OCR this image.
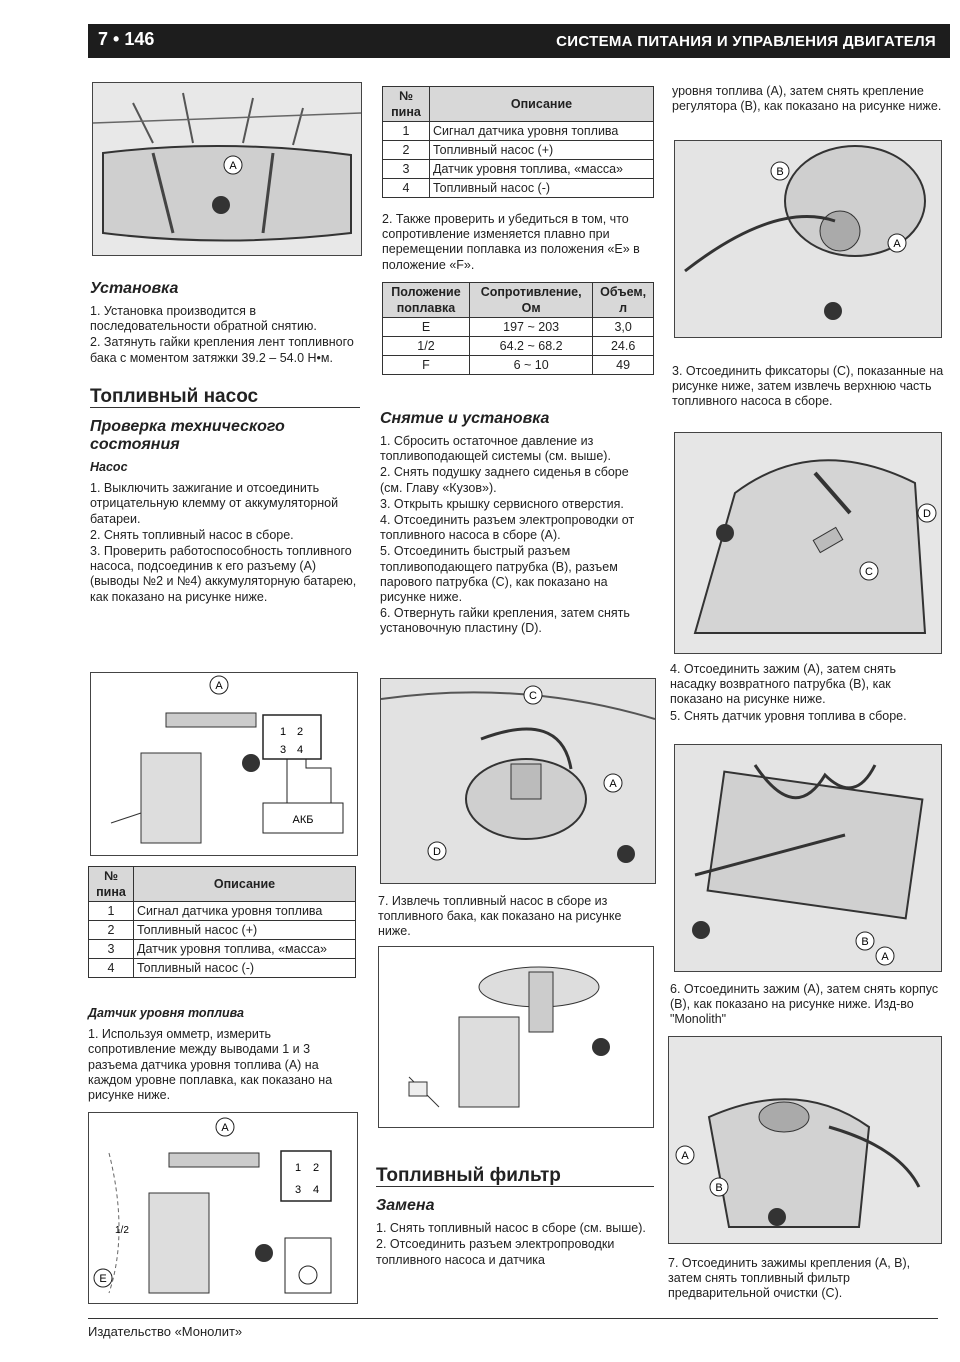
7 • 146	СИСТЕМА ПИТАНИЯ И УПРАВЛЕНИЯ ДВИГАТЕЛЯ
A
Установка

1. Установка производится в последовательности обратной снятию.

2. Затянуть гайки крепления лент топливного бака с моментом затяжки 39.2 – 54.0 Н•м.

Топливный насос
Проверка технического состояния
Насос

1. Выключить зажигание и отсоединить отрицательную клемму от аккумуляторной батареи.

2. Снять топливный насос в сборе.

3. Проверить работоспособность топливного насоса, подсоединив к его разъему (А) (выводы №2 и №4) аккумуляторную батарею, как показано на рисунке ниже.

A
1 2
3 4
АКБ
№ пина	Описание
1	Сигнал датчика уровня топлива
2	Топливный насос (+)
3	Датчик уровня топлива, «масса»
4	Топливный насос (-)
Датчик уровня топлива

1. Используя омметр, измерить сопротивление между выводами 1 и 3 разъема датчика уровня топлива (А) на каждом уровне поплавка, как показано на рисунке ниже.

1/2
E
A
1 2
3 4
№ пина	Описание
1	Сигнал датчика уровня топлива
2	Топливный насос (+)
3	Датчик уровня топлива, «масса»
4	Топливный насос (-)

2. Также проверить и убедиться в том, что сопротивление изменяется плавно при перемещении поплавка из положения «E» в положение «F».

Положение поплавка	Сопротивление, Ом	Объем, л
E	197 ~ 203	3,0
1/2	64.2 ~ 68.2	24.6
F	6 ~ 10	49
Снятие и установка

1. Сбросить остаточное давление из топливоподающей системы (см. выше).

2. Снять подушку заднего сиденья в сборе (см. Главу «Кузов»).

3. Открыть крышку сервисного отверстия.

4. Отсоединить разъем электропроводки от топливного насоса в сборе (А).

5. Отсоединить быстрый разъем топливоподающего патрубка (В), разъем парового патрубка (С), как показано на рисунке ниже.

6. Отвернуть гайки крепления, затем снять установочную пластину (D).

C
A
D

7. Извлечь топливный насос в сборе из топливного бака, как показано на рисунке ниже.

Топливный фильтр
Замена

1. Снять топливный насос в сборе (см. выше).

2. Отсоединить разъем электропроводки топливного насоса и датчика

уровня топлива (А), затем снять крепление регулятора (В), как показано на рисунке ниже.

B
A

3. Отсоединить фиксаторы (С), показанные на рисунке ниже, затем извлечь верхнюю часть топливного насоса в сборе.

D
C

4. Отсоединить зажим (А), затем снять насадку возвратного патрубка (В), как показано на рисунке ниже.

5. Снять датчик уровня топлива в сборе.

B
A

6. Отсоединить зажим (А), затем снять корпус (В), как показано на рисунке ниже. Изд-во "Monolith"

A
B

7. Отсоединить зажимы крепления (А, В), затем снять топливный фильтр предварительной очистки (С).

Издательство «Монолит»
